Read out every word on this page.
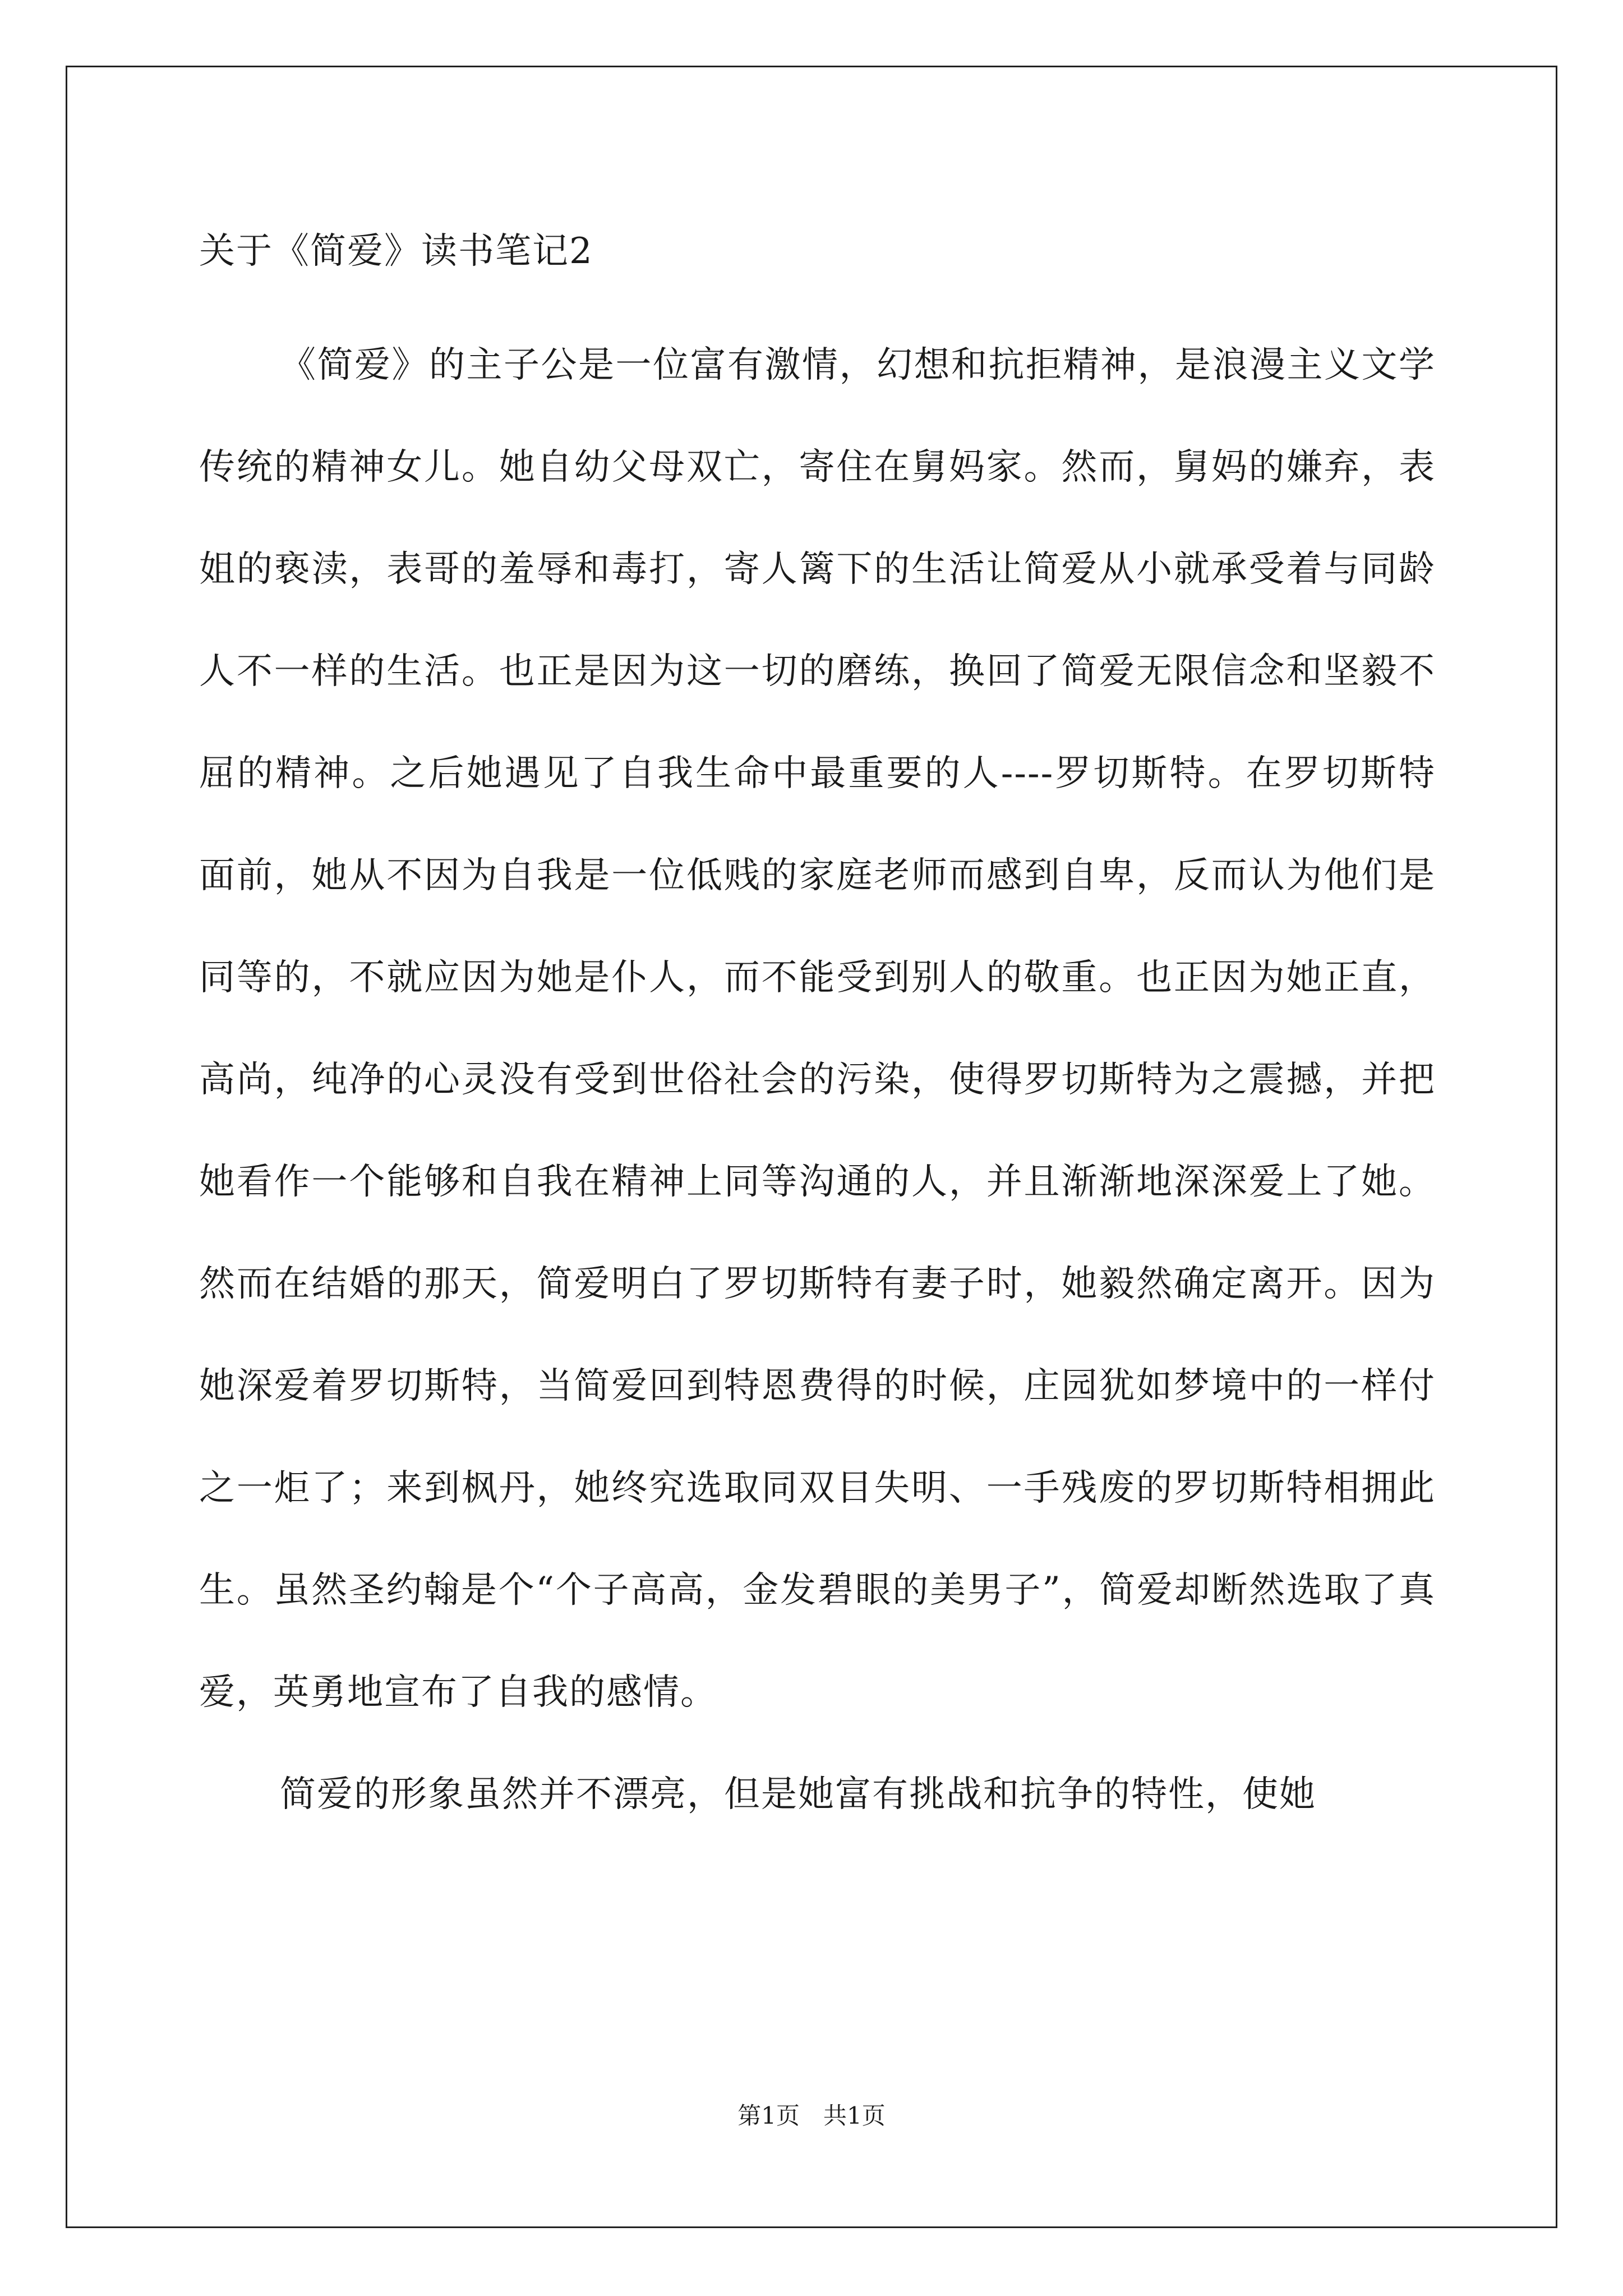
关于《简爱》读书笔记2

《简爱》的主子公是一位富有激情，幻想和抗拒精神，是浪漫主义文学传统的精神女儿。她自幼父母双亡，寄住在舅妈家。然而，舅妈的嫌弃，表姐的亵渎，表哥的羞辱和毒打，寄人篱下的生活让简爱从小就承受着与同龄人不一样的生活。也正是因为这一切的磨练，换回了简爱无限信念和坚毅不屈的精神。之后她遇见了自我生命中最重要的人----罗切斯特。在罗切斯特面前，她从不因为自我是一位低贱的家庭老师而感到自卑，反而认为他们是同等的，不就应因为她是仆人，而不能受到别人的敬重。也正因为她正直，高尚，纯净的心灵没有受到世俗社会的污染，使得罗切斯特为之震撼，并把她看作一个能够和自我在精神上同等沟通的人，并且渐渐地深深爱上了她。然而在结婚的那天，简爱明白了罗切斯特有妻子时，她毅然确定离开。因为她深爱着罗切斯特，当简爱回到特恩费得的时候，庄园犹如梦境中的一样付之一炬了；来到枫丹，她终究选取同双目失明、一手残废的罗切斯特相拥此生。虽然圣约翰是个“个子高高，金发碧眼的美男子”，简爱却断然选取了真爱，英勇地宣布了自我的感情。

简爱的形象虽然并不漂亮，但是她富有挑战和抗争的特性，使她

第1页　共1页
